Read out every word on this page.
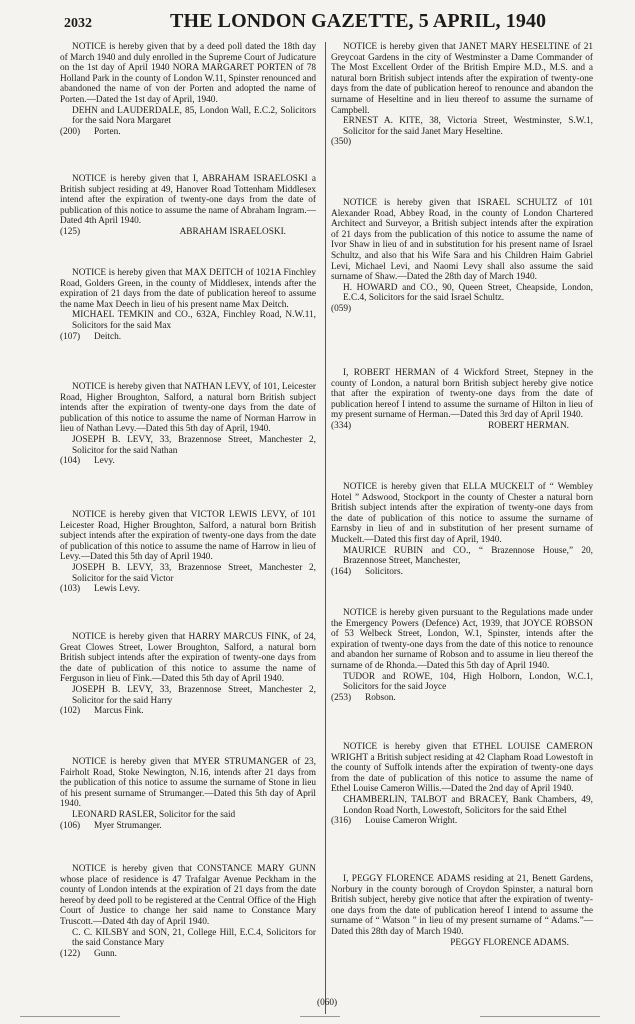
2032	THE LONDON GAZETTE, 5 APRIL, 1940

NOTICE is hereby given that by a deed poll dated the 18th day of March 1940 and duly enrolled in the Supreme Court of Judicature on the 1st day of April 1940 NORA MARGARET PORTEN of 78 Holland Park in the county of London W.11, Spinster renounced and abandoned the name of von der Porten and adopted the name of Porten.—Dated the 1st day of April, 1940.

DEHN and LAUDERDALE, 85, London Wall, E.C.2, Solicitors for the said Nora Margaret

(200)	Porten.

NOTICE is hereby given that I, ABRAHAM ISRAELOSKI a British subject residing at 49, Hanover Road Tottenham Middlesex intend after the expiration of twenty-one days from the date of publication of this notice to assume the name of Abraham Ingram.—Dated 4th April 1940.

(125)	ABRAHAM ISRAELOSKI.

NOTICE is hereby given that MAX DEITCH of 1021A Finchley Road, Golders Green, in the county of Middlesex, intends after the expiration of 21 days from the date of publication hereof to assume the name Max Deech in lieu of his present name Max Deitch.

MICHAEL TEMKIN and CO., 632A, Finchley Road, N.W.11, Solicitors for the said Max

(107)	Deitch.

NOTICE is hereby given that NATHAN LEVY, of 101, Leicester Road, Higher Broughton, Salford, a natural born British subject intends after the expiration of twenty-one days from the date of publication of this notice to assume the name of Norman Harrow in lieu of Nathan Levy.—Dated this 5th day of April, 1940.

JOSEPH B. LEVY, 33, Brazennose Street, Manchester 2, Solicitor for the said Nathan

(104)	Levy.

NOTICE is hereby given that VICTOR LEWIS LEVY, of 101 Leicester Road, Higher Broughton, Salford, a natural born British subject intends after the expiration of twenty-one days from the date of publication of this notice to assume the name of Harrow in lieu of Levy.—Dated this 5th day of April 1940.

JOSEPH B. LEVY, 33, Brazennose Street, Manchester 2, Solicitor for the said Victor

(103)	Lewis Levy.

NOTICE is hereby given that HARRY MARCUS FINK, of 24, Great Clowes Street, Lower Broughton, Salford, a natural born British subject intends after the expiration of twenty-one days from the date of publication of this notice to assume the name of Ferguson in lieu of Fink.—Dated this 5th day of April 1940.

JOSEPH B. LEVY, 33, Brazennose Street, Manchester 2, Solicitor for the said Harry

(102)	Marcus Fink.

NOTICE is hereby given that MYER STRUMANGER of 23, Fairholt Road, Stoke Newington, N.16, intends after 21 days from the publication of this notice to assume the surname of Stone in lieu of his present surname of Strumanger.—Dated this 5th day of April 1940.

LEONARD RASLER, Solicitor for the said

(106)	Myer Strumanger.

NOTICE is hereby given that CONSTANCE MARY GUNN whose place of residence is 47 Trafalgar Avenue Peckham in the county of London intends at the expiration of 21 days from the date hereof by deed poll to be registered at the Central Office of the High Court of Justice to change her said name to Constance Mary Truscott.—Dated 4th day of April 1940.

C. C. KILSBY and SON, 21, College Hill, E.C.4, Solicitors for the said Constance Mary

(122)	Gunn.

NOTICE is hereby given that JANET MARY HESELTINE of 21 Greycoat Gardens in the city of Westminster a Dame Commander of The Most Excellent Order of the British Empire M.D., M.S. and a natural born British subject intends after the expiration of twenty-one days from the date of publication hereof to renounce and abandon the surname of Heseltine and in lieu thereof to assume the surname of Campbell.

ERNEST A. KITE, 38, Victoria Street, Westminster, S.W.1, Solicitor for the said Janet Mary Heseltine.

(350)

NOTICE is hereby given that ISRAEL SCHULTZ of 101 Alexander Road, Abbey Road, in the county of London Chartered Architect and Surveyor, a British subject intends after the expiration of 21 days from the publication of this notice to assume the name of Ivor Shaw in lieu of and in substitution for his present name of Israel Schultz, and also that his Wife Sara and his Children Haim Gabriel Levi, Michael Levi, and Naomi Levy shall also assume the said surname of Shaw.—Dated the 28th day of March 1940.

H. HOWARD and CO., 90, Queen Street, Cheapside, London, E.C.4, Solicitors for the said Israel Schultz.

(059)

I, ROBERT HERMAN of 4 Wickford Street, Stepney in the county of London, a natural born British subject hereby give notice that after the expiration of twenty-one days from the date of publication hereof I intend to assume the surname of Hilton in lieu of my present surname of Herman.—Dated this 3rd day of April 1940.

(334)	ROBERT HERMAN.

NOTICE is hereby given that ELLA MUCKELT of “ Wembley Hotel ” Adswood, Stockport in the county of Chester a natural born British subject intends after the expiration of twenty-one days from the date of publication of this notice to assume the surname of Earnsby in lieu of and in substitution of her present surname of Muckelt.—Dated this first day of April, 1940.

MAURICE RUBIN and CO., “ Brazennose House,” 20, Brazennose Street, Manchester,

(164)	Solicitors.

NOTICE is hereby given pursuant to the Regulations made under the Emergency Powers (Defence) Act, 1939, that JOYCE ROBSON of 53 Welbeck Street, London, W.1, Spinster, intends after the expiration of twenty-one days from the date of this notice to renounce and abandon her surname of Robson and to assume in lieu thereof the surname of de Rhonda.—Dated this 5th day of April 1940.

TUDOR and ROWE, 104, High Holborn, London, W.C.1, Solicitors for the said Joyce

(253)	Robson.

NOTICE is hereby given that ETHEL LOUISE CAMERON WRIGHT a British subject residing at 42 Clapham Road Lowestoft in the county of Suffolk intends after the expiration of twenty-one days from the date of publication of this notice to assume the name of Ethel Louise Cameron Willis.—Dated the 2nd day of April 1940.

CHAMBERLIN, TALBOT and BRACEY, Bank Chambers, 49, London Road North, Lowestoft, Solicitors for the said Ethel

(316)	Louise Cameron Wright.

I, PEGGY FLORENCE ADAMS residing at 21, Benett Gardens, Norbury in the county borough of Croydon Spinster, a natural born British subject, hereby give notice that after the expiration of twenty-one days from the date of publication hereof I intend to assume the surname of “ Watson ” in lieu of my present surname of “ Adams.”—Dated this 28th day of March 1940.

PEGGY FLORENCE ADAMS.

(060)
